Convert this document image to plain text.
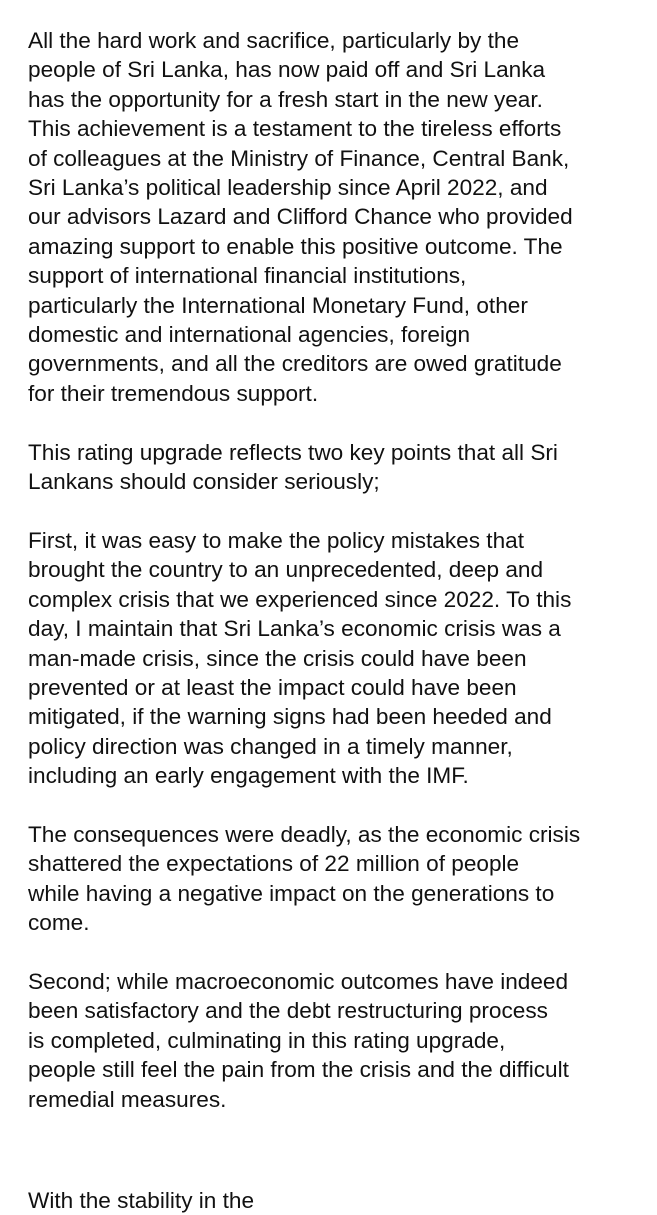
All the hard work and sacrifice, particularly by the
people of Sri Lanka, has now paid off and Sri Lanka
has the opportunity for a fresh start in the new year.
This achievement is a testament to the tireless efforts
of colleagues at the Ministry of Finance, Central Bank,
Sri Lanka’s political leadership since April 2022, and
our advisors Lazard and Clifford Chance who provided
amazing support to enable this positive outcome. The
support of international financial institutions,
particularly the International Monetary Fund, other
domestic and international agencies, foreign
governments, and all the creditors are owed gratitude
for their tremendous support.

This rating upgrade reflects two key points that all Sri
Lankans should consider seriously;

First, it was easy to make the policy mistakes that
brought the country to an unprecedented, deep and
complex crisis that we experienced since 2022. To this
day, I maintain that Sri Lanka’s economic crisis was a
man-made crisis, since the crisis could have been
prevented or at least the impact could have been
mitigated, if the warning signs had been heeded and
policy direction was changed in a timely manner,
including an early engagement with the IMF.

The consequences were deadly, as the economic crisis
shattered the expectations of 22 million of people
while having a negative impact on the generations to
come.

Second; while macroeconomic outcomes have indeed
been satisfactory and the debt restructuring process
is completed, culminating in this rating upgrade,
people still feel the pain from the crisis and the difficult
remedial measures.

With the stability in the
